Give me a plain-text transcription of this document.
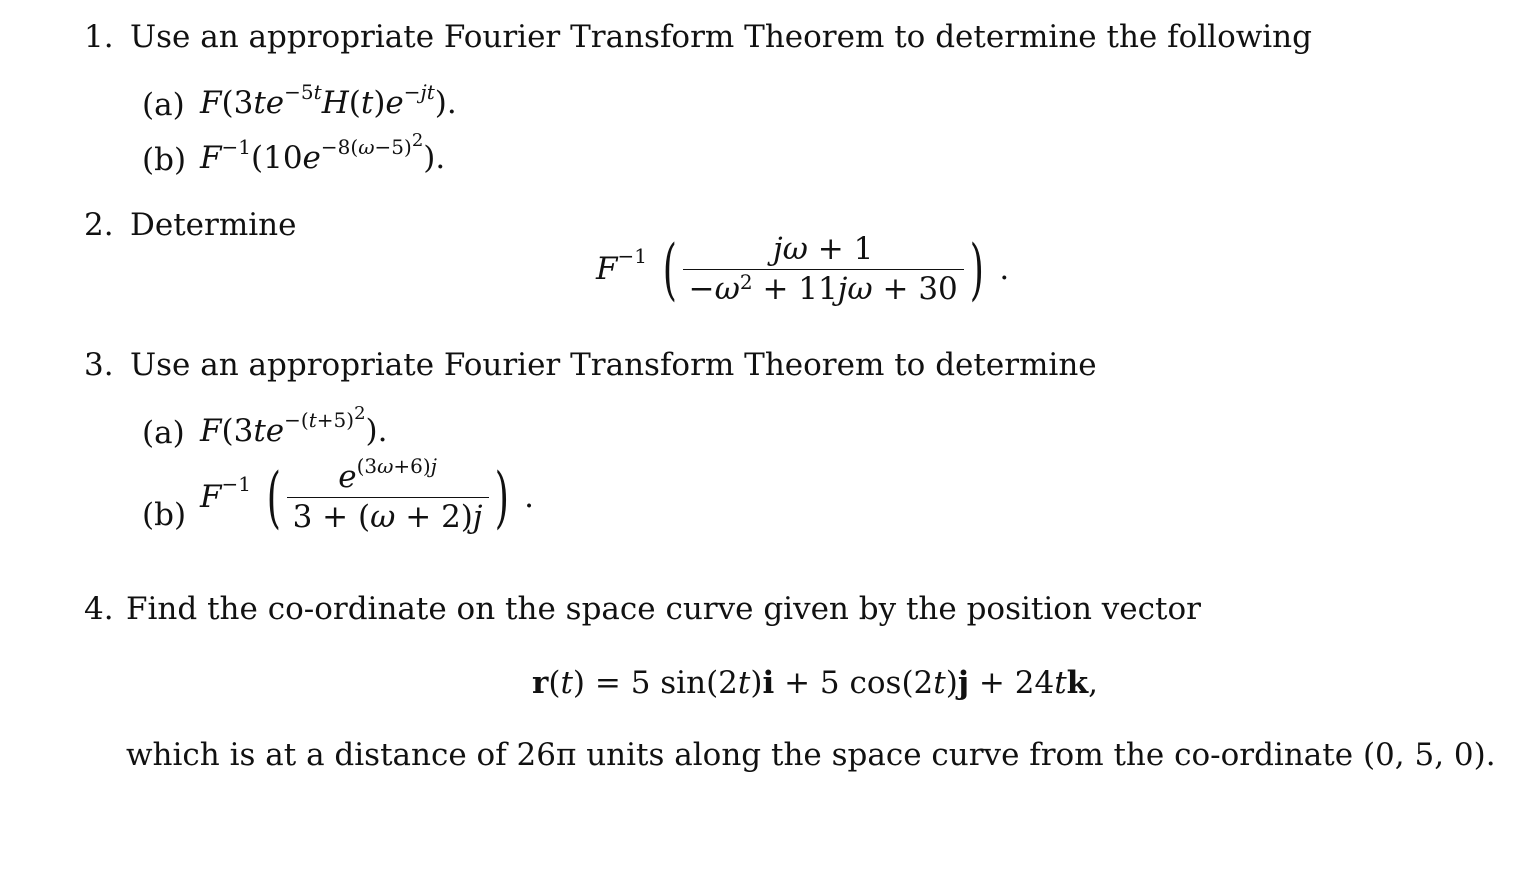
1. Use an appropriate Fourier Transform Theorem to determine the following
(a) $F(3te^{-5t}H(t)e^{-jt})$.
(b) $F^{-1}(10e^{-8(\omega-5)2})$.
2. Determine
$F^{-1}$ ( $\frac{j\omega + 1}{-\omega^2 + 11j\omega + 30}$ ) .
3. Use an appropriate Fourier Transform Theorem to determine
(a) $F(3te^{-(t+5)2})$.
(b) $F^{-1}$ ( $\frac{e^{(3\omega+6)j}}{3 + (\omega + 2)j}$ ) .
4. Find the co-ordinate on the space curve given by the position vector
r(t) = 5 sin(2t)i + 5 cos(2t)j + 24tk,
which is at a distance of 26π units along the space curve from the co-ordinate (0, 5, 0).
